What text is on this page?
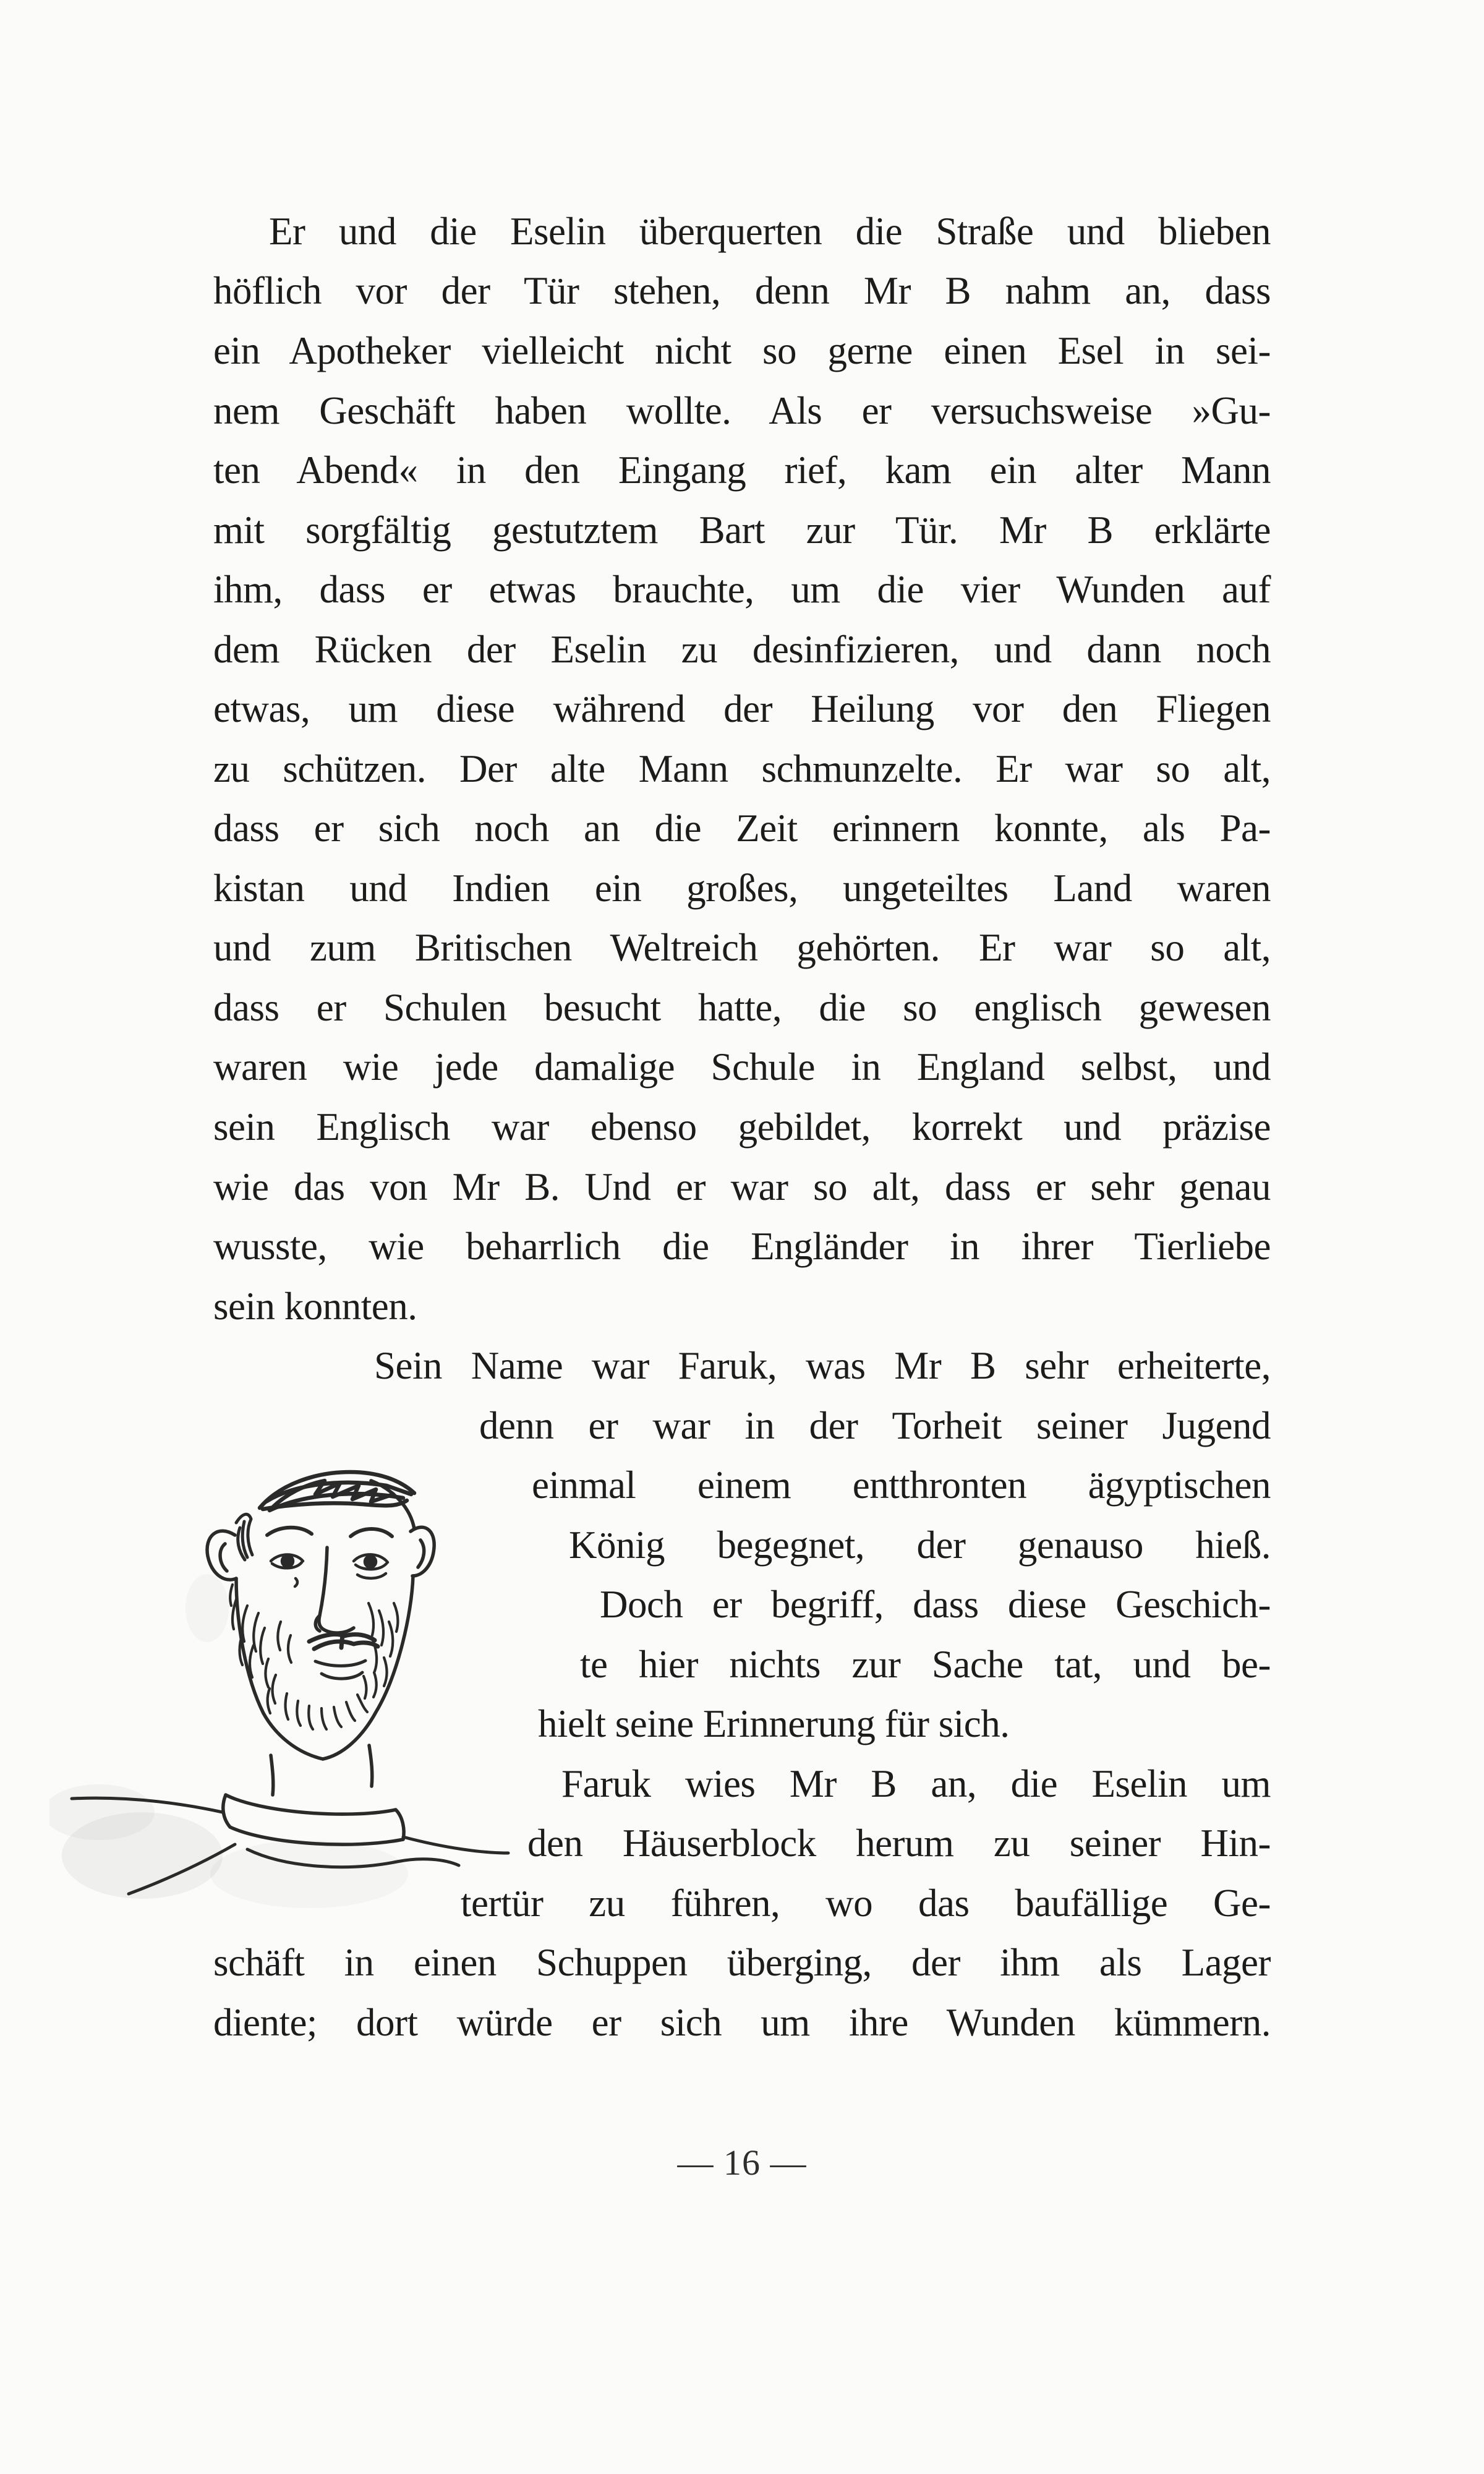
Er und die Eselin überquerten die Straße und blieben
höflich vor der Tür stehen, denn Mr B nahm an, dass
ein Apotheker vielleicht nicht so gerne einen Esel in sei-
nem Geschäft haben wollte. Als er versuchsweise »Gu-
ten Abend« in den Eingang rief, kam ein alter Mann
mit sorgfältig gestutztem Bart zur Tür. Mr B erklärte
ihm, dass er etwas brauchte, um die vier Wunden auf
dem Rücken der Eselin zu desinfizieren, und dann noch
etwas, um diese während der Heilung vor den Fliegen
zu schützen. Der alte Mann schmunzelte. Er war so alt,
dass er sich noch an die Zeit erinnern konnte, als Pa-
kistan und Indien ein großes, ungeteiltes Land waren
und zum Britischen Weltreich gehörten. Er war so alt,
dass er Schulen besucht hatte, die so englisch gewesen
waren wie jede damalige Schule in England selbst, und
sein Englisch war ebenso gebildet, korrekt und präzise
wie das von Mr B. Und er war so alt, dass er sehr genau
wusste, wie beharrlich die Engländer in ihrer Tierliebe
sein konnten.
Sein Name war Faruk, was Mr B sehr erheiterte,
denn er war in der Torheit seiner Jugend
einmal einem entthronten ägyptischen
König begegnet, der genauso hieß.
Doch er begriff, dass diese Geschich-
te hier nichts zur Sache tat, und be-
hielt seine Erinnerung für sich.
Faruk wies Mr B an, die Eselin um
den Häuserblock herum zu seiner Hin-
tertür zu führen, wo das baufällige Ge-
schäft in einen Schuppen überging, der ihm als Lager
diente; dort würde er sich um ihre Wunden kümmern.
— 16 —
